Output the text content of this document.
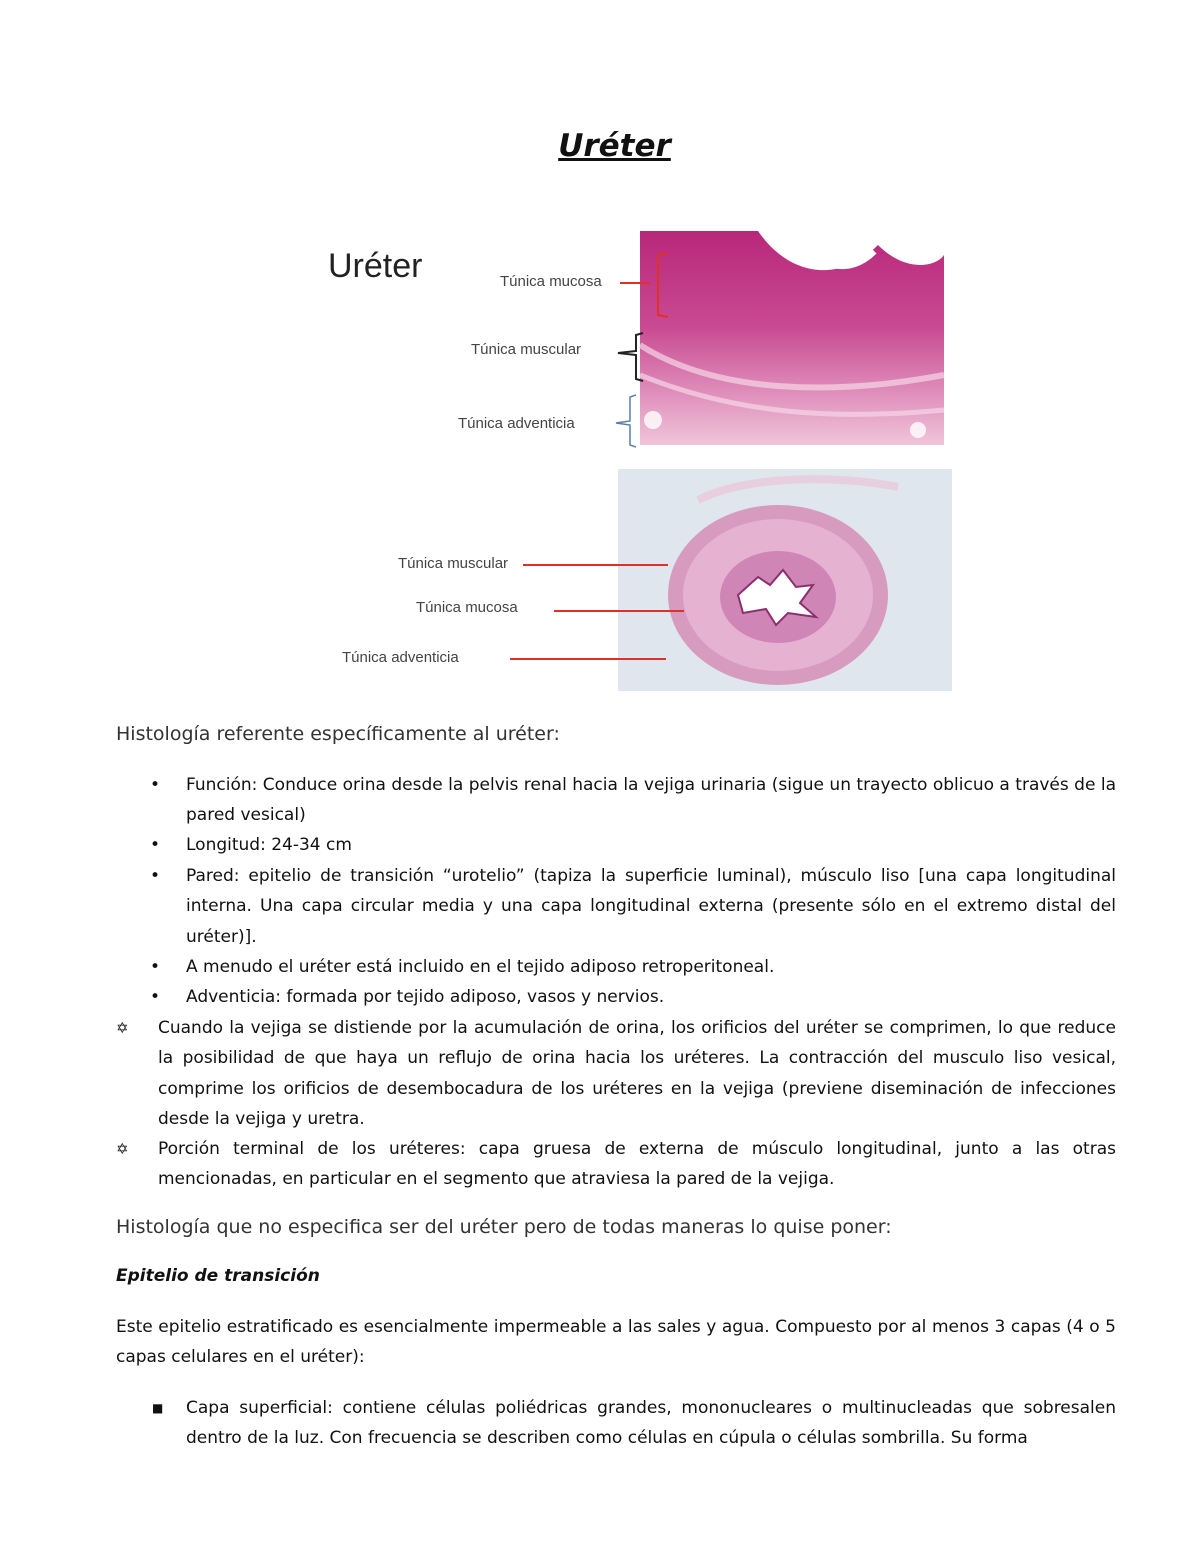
Uréter
Uréter	Túnica mucosa
Túnica muscular
Túnica adventicia
Túnica muscular
Túnica mucosa
Túnica adventicia
Histología referente específicamente al uréter:
• Función: Conduce orina desde la pelvis renal hacia la vejiga urinaria (sigue un trayecto oblicuo a través de la pared vesical)
• Longitud: 24-34 cm
• Pared: epitelio de transición “urotelio” (tapiza la superficie luminal), músculo liso [una capa longitudinal interna. Una capa circular media y una capa longitudinal externa (presente sólo en el extremo distal del uréter)].
• A menudo el uréter está incluido en el tejido adiposo retroperitoneal.
• Adventicia: formada por tejido adiposo, vasos y nervios.
✡ Cuando la vejiga se distiende por la acumulación de orina, los orificios del uréter se comprimen, lo que reduce la posibilidad de que haya un reflujo de orina hacia los uréteres. La contracción del musculo liso vesical, comprime los orificios de desembocadura de los uréteres en la vejiga (previene diseminación de infecciones desde la vejiga y uretra.
✡ Porción terminal de los uréteres: capa gruesa de externa de músculo longitudinal, junto a las otras mencionadas, en particular en el segmento que atraviesa la pared de la vejiga.
Histología que no especifica ser del uréter pero de todas maneras lo quise poner:
Epitelio de transición

Este epitelio estratificado es esencialmente impermeable a las sales y agua. Compuesto por al menos 3 capas (4 o 5 capas celulares en el uréter):

■ Capa superficial: contiene células poliédricas grandes, mononucleares o multinucleadas que sobresalen dentro de la luz. Con frecuencia se describen como células en cúpula o células sombrilla. Su forma
